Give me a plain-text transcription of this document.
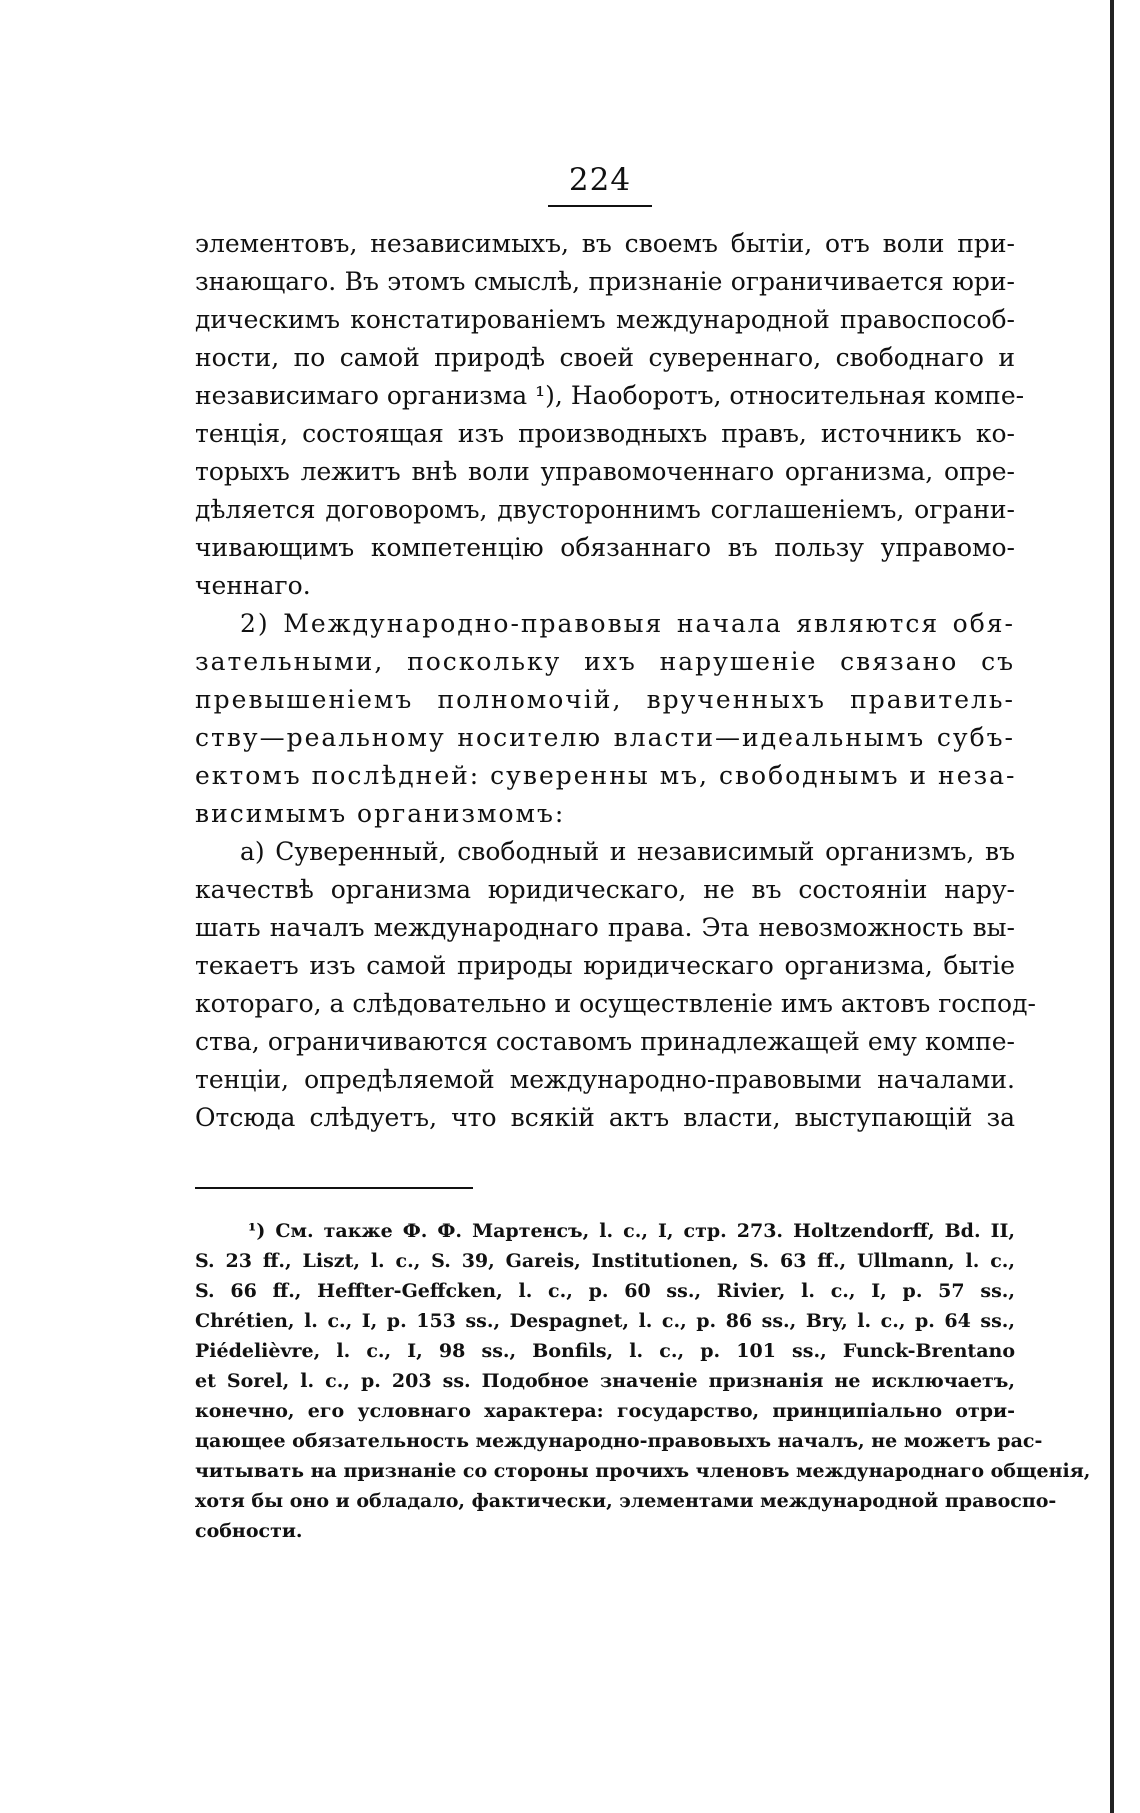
224
элементовъ, независимыхъ, въ своемъ бытіи, отъ воли при-
знающаго. Въ этомъ смыслѣ, признаніе ограничивается юри-
дическимъ констатированіемъ международной правоспособ-
ности, по самой природѣ своей сувереннаго, свободнаго и
независимаго организма ¹), Наоборотъ, относительная компе-
тенція, состоящая изъ производныхъ правъ, источникъ ко-
торыхъ лежитъ внѣ воли управомоченнаго организма, опре-
дѣляется договоромъ, двустороннимъ соглашеніемъ, ограни-
чивающимъ компетенцію обязаннаго въ пользу управомо-
ченнаго.
2) Международно-правовыя начала являются обя-
зательными, поскольку ихъ нарушеніе связано съ
превышеніемъ полномочій, врученныхъ правитель-
ству—реальному носителю власти—идеальнымъ субъ-
ектомъ послѣдней: суверенны мъ, свободнымъ и неза-
висимымъ организмомъ:
а) Суверенный, свободный и независимый организмъ, въ
качествѣ организма юридическаго, не въ состояніи нару-
шать началъ международнаго права. Эта невозможность вы-
текаетъ изъ самой природы юридическаго организма, бытіе
котораго, а слѣдовательно и осуществленіе имъ актовъ господ-
ства, ограничиваются составомъ принадлежащей ему компе-
тенціи, опредѣляемой международно-правовыми началами.
Отсюда слѣдуетъ, что всякій актъ власти, выступающій за
¹) См. также Ф. Ф. Мартенсъ, l. c., I, стр. 273. Holtzendorff, Bd. II,
S. 23 ff., Liszt, l. c., S. 39, Gareis, Institutionen, S. 63 ff., Ullmann, l. c.,
S. 66 ff., Heffter-Geffcken, l. c., p. 60 ss., Rivier, l. c., I, p. 57 ss.,
Chrétien, l. c., I, p. 153 ss., Despagnet, l. c., p. 86 ss., Bry, l. c., p. 64 ss.,
Piédelièvre, l. c., I, 98 ss., Bonfils, l. c., p. 101 ss., Funck-Brentano
et Sorel, l. c., p. 203 ss. Подобное значеніе признанія не исключаетъ,
конечно, его условнаго характера: государство, принципіально отри-
цающее обязательность международно-правовыхъ началъ, не можетъ рас-
читывать на признаніе со стороны прочихъ членовъ международнаго общенія,
хотя бы оно и обладало, фактически, элементами международной правоспо-
собности.
